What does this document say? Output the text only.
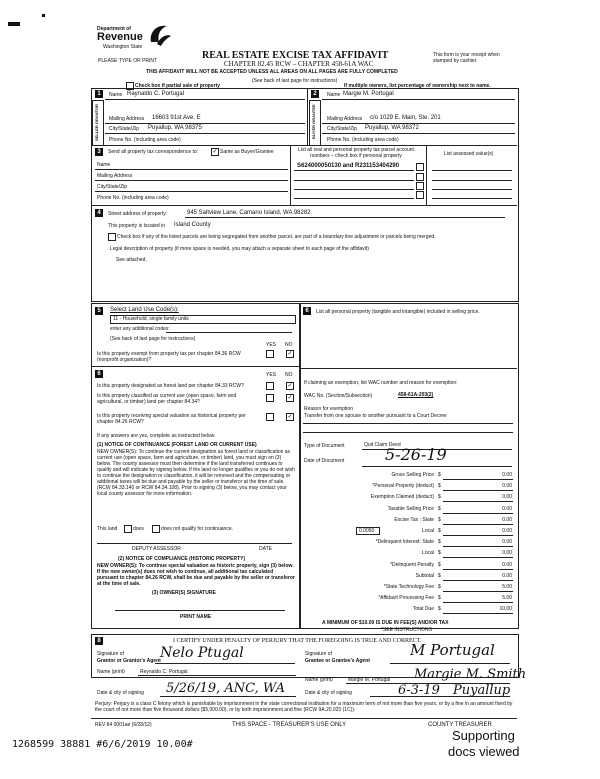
Department of
Revenue
Washington State
PLEASE TYPE OR PRINT	REAL ESTATE EXCISE TAX AFFIDAVIT
CHAPTER 82.45 RCW – CHAPTER 458-61A WAC
THIS AFFIDAVIT WILL NOT BE ACCEPTED UNLESS ALL AREAS ON ALL PAGES ARE FULLY COMPLETED
(See back of last page for instructions)
This form is your receipt when stamped by cashier.
Check box if partial sale of property	If multiple owners, list percentage of ownership next to name.
1
SELLER GRANTOR
Name Raynaldo C. Portugal
Mailing Address 16603 91st Ave. E
City/State/Zip Puyallup, WA 98375
Phone No. (including area code)
2
BUYER GRANTEE
Name Margie M. Portugal
Mailing Address c/o 1029 E. Main, Ste. 201
City/State/Zip Puyallup, WA 98372
Phone No. (including area code)
3	Send all property tax correspondence to: ✓ Same as Buyer/Grantee	List all real and personal property tax parcel account numbers – check box if personal property	List assessed value(s)
Name
Mailing Address
City/State/Zip
Phone No. (including area code)
S624000050130 and R231153404290
4	Street address of property:	945 Saltview Lane, Camano Island, WA 98282
This property is located in Island County
Check box if any of the listed parcels are being segregated from another parcel, are part of a boundary line adjustment or parcels being merged.
Legal description of property (if more space is needed, you may attach a separate sheet to each page of the affidavit)
See attached.
5	Select Land Use Code(s):
11 - Household, single family units
enter any additional codes:
(See back of last page for instructions)
YES NO
Is this property exempt from property tax per chapter 84.36 RCW (nonprofit organization)?
✓
6	YES NO
Is this property designated as forest land per chapter 84.33 RCW?	✓
Is this property classified as current use (open space, farm and agricultural, or timber) land per chapter 84.34?
✓
Is this property receiving special valuation as historical property per chapter 84.26 RCW?
✓
If any answers are yes, complete as instructed below.
(1) NOTICE OF CONTINUANCE (FOREST LAND OR CURRENT USE)
NEW OWNER(S): To continue the current designation as forest land or classification as current use (open space, farm and agriculture, or timber) land, you must sign on (3) below. The county assessor must then determine if the land transferred continues to qualify and will indicate by signing below. If the land no longer qualifies or you do not wish to continue the designation or classification, it will be removed and the compensating or additional taxes will be due and payable by the seller or transferor at the time of sale. (RCW 84.33.140 or RCW 84.34.108). Prior to signing (3) below, you may contact your local county assessor for more information.
This land	does	does not qualify for continuance.
DEPUTY ASSESSOR	DATE
(2) NOTICE OF COMPLIANCE (HISTORIC PROPERTY)
NEW OWNER(S): To continue special valuation as historic property, sign (3) below. If the new owner(s) does not wish to continue, all additional tax calculated pursuant to chapter 84.26 RCW, shall be due and payable by the seller or transferor at the time of sale.
(3) OWNER(S) SIGNATURE
PRINT NAME
6	List all personal property (tangible and intangible) included in selling price.
If claiming an exemption, list WAC number and reason for exemption:
WAC No. (Section/Subsection)	458-61A-203(2)
Reason for exemption
Transfer from one spouse to another pursuant to a Court Decree
Type of Document	Quit Claim Deed
Date of Document	5-26-19
Gross Selling Price $	0.00
*Personal Property (deduct) $	0.00
Exemption Claimed (deduct) $	0.00
Taxable Selling Price $	0.00
Excise Tax : State $	0.00
Local $	0.00
*Delinquent Interest: State $	0.00
Local $	0.00
*Delinquent Penalty $	0.00
Subtotal $	0.00
*State Technology Fee $	5.00
*Affidavit Processing Fee $	5.00
Total Due $	10.00
0.0050
A MINIMUM OF $10.00 IS DUE IN FEE(S) AND/OR TAX
*SEE INSTRUCTIONS
8	I CERTIFY UNDER PENALTY OF PERJURY THAT THE FOREGOING IS TRUE AND CORRECT.
Signature of
Grantor or Grantor's Agent Nelo Ptugal
Name (print)	Reynaldo C. Portugal
Date & city of signing 5/26/19, ANC, WA
Signature of
Grantee or Grantee's Agent
M Portugal
Name (print)	Margie M. Portugal Margie M. Smith
Date & city of signing	6-3-19 Puyallup
Perjury: Perjury is a class C felony which is punishable by imprisonment in the state correctional institution for a maximum term of not more than five years, or by a fine in an amount fixed by the court of not more than five thousand dollars ($5,000.00), or by both imprisonment and fine (RCW 9A.20.020 (1C)).
REV 84 0001ae (6/28/12)	THIS SPACE - TREASURER'S USE ONLY	COUNTY TREASURER
Supporting
docs viewed
1268599 38881 #6/6/2019 10.00#
